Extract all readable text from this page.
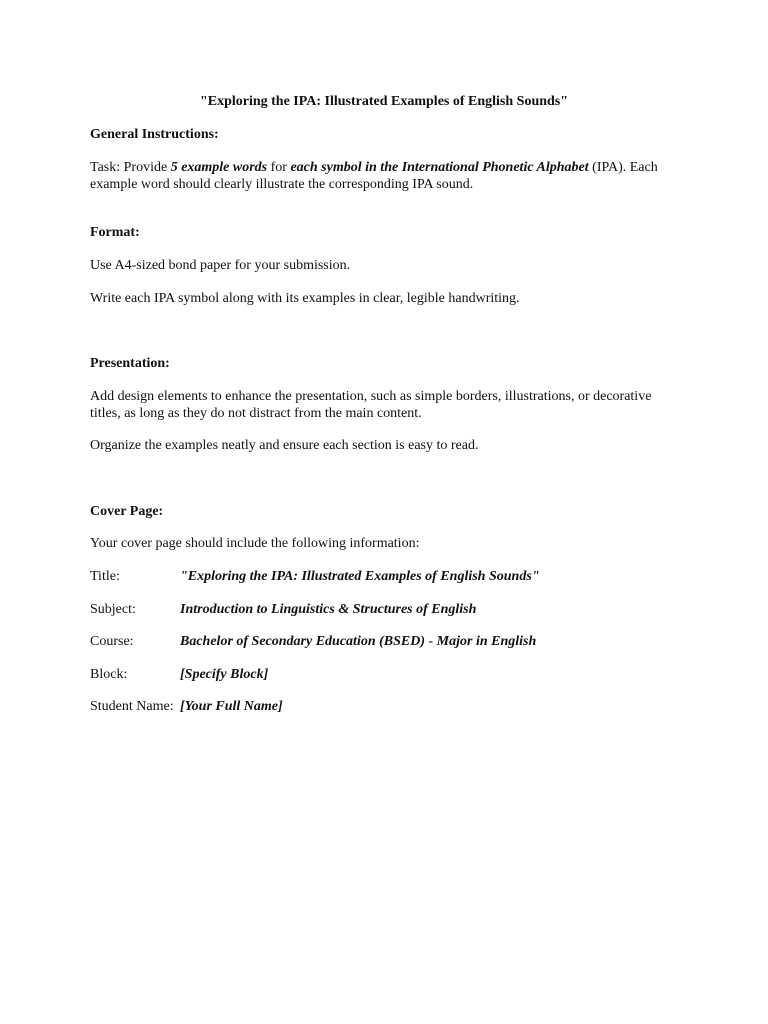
"Exploring the IPA: Illustrated Examples of English Sounds"

General Instructions:

Task: Provide 5 example words for each symbol in the International Phonetic Alphabet (IPA). Each example word should clearly illustrate the corresponding IPA sound.

Format:

Use A4-sized bond paper for your submission.

Write each IPA symbol along with its examples in clear, legible handwriting.

Presentation:

Add design elements to enhance the presentation, such as simple borders, illustrations, or decorative titles, as long as they do not distract from the main content.

Organize the examples neatly and ensure each section is easy to read.

Cover Page:

Your cover page should include the following information:

Title:	"Exploring the IPA: Illustrated Examples of English Sounds"
Subject:	Introduction to Linguistics & Structures of English
Course:	Bachelor of Secondary Education (BSED) - Major in English
Block:	[Specify Block]
Student Name: [Your Full Name]
